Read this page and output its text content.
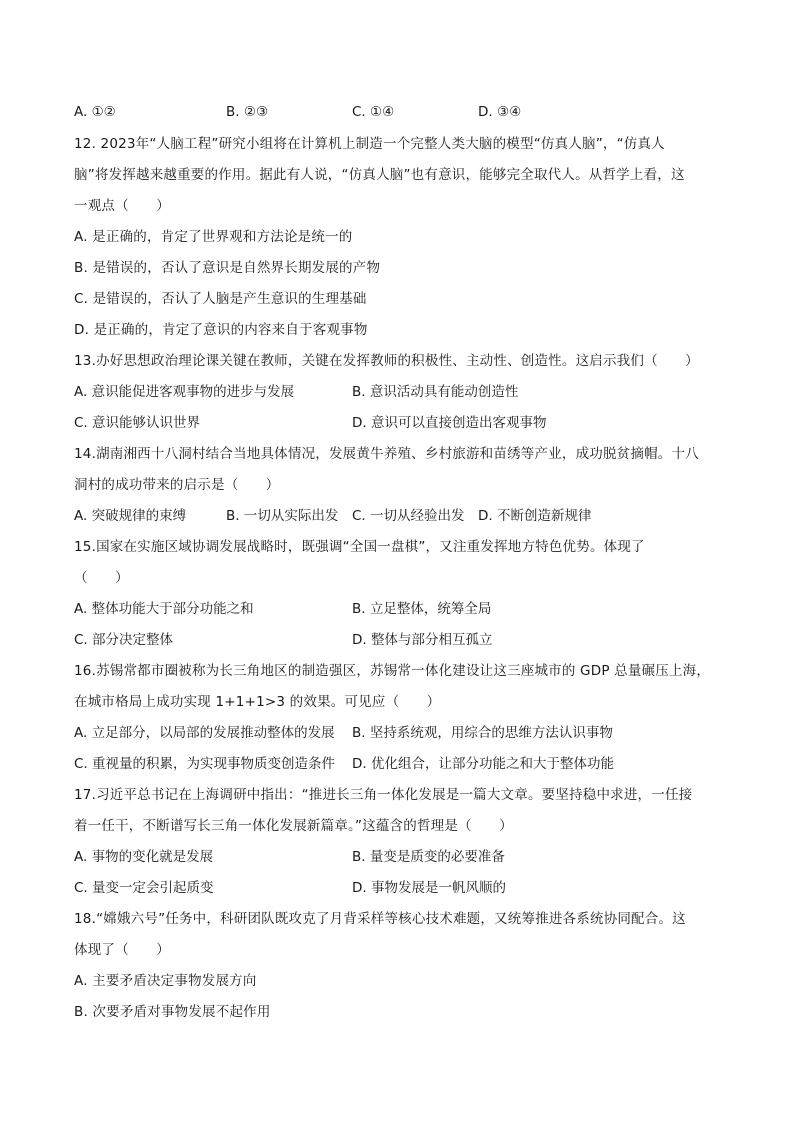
A. ①②	B. ②③	C. ①④	D. ③④
12. 2023年“人脑工程”研究小组将在计算机上制造一个完整人类大脑的模型“仿真人脑”，“仿真人
脑”将发挥越来越重要的作用。据此有人说，“仿真人脑”也有意识，能够完全取代人。从哲学上看，这
一观点（　　）
A. 是正确的，肯定了世界观和方法论是统一的
B. 是错误的，否认了意识是自然界长期发展的产物
C. 是错误的，否认了人脑是产生意识的生理基础
D. 是正确的，肯定了意识的内容来自于客观事物
13.办好思想政治理论课关键在教师，关键在发挥教师的积极性、主动性、创造性。这启示我们（　　）
A. 意识能促进客观事物的进步与发展	B. 意识活动具有能动创造性
C. 意识能够认识世界	D. 意识可以直接创造出客观事物
14.湖南湘西十八洞村结合当地具体情况，发展黄牛养殖、乡村旅游和苗绣等产业，成功脱贫摘帽。十八
洞村的成功带来的启示是（　　）
A. 突破规律的束缚	B. 一切从实际出发 C. 一切从经验出发 D. 不断创造新规律
15.国家在实施区域协调发展战略时，既强调“全国一盘棋”，又注重发挥地方特色优势。体现了
（　　）
A. 整体功能大于部分功能之和	B. 立足整体，统筹全局
C. 部分决定整体	D. 整体与部分相互孤立
16.苏锡常都市圈被称为长三角地区的制造强区，苏锡常一体化建设让这三座城市的 GDP 总量碾压上海，
在城市格局上成功实现 1+1+1>3 的效果。可见应（　　）
A. 立足部分，以局部的发展推动整体的发展 B. 坚持系统观，用综合的思维方法认识事物
C. 重视量的积累，为实现事物质变创造条件 D. 优化组合，让部分功能之和大于整体功能
17.习近平总书记在上海调研中指出：“推进长三角一体化发展是一篇大文章。要坚持稳中求进，一任接
着一任干，不断谱写长三角一体化发展新篇章。”这蕴含的哲理是（　　）
A. 事物的变化就是发展	B. 量变是质变的必要准备
C. 量变一定会引起质变	D. 事物发展是一帆风顺的
18.“嫦娥六号”任务中，科研团队既攻克了月背采样等核心技术难题，又统筹推进各系统协同配合。这
体现了（　　）
A. 主要矛盾决定事物发展方向
B. 次要矛盾对事物发展不起作用
